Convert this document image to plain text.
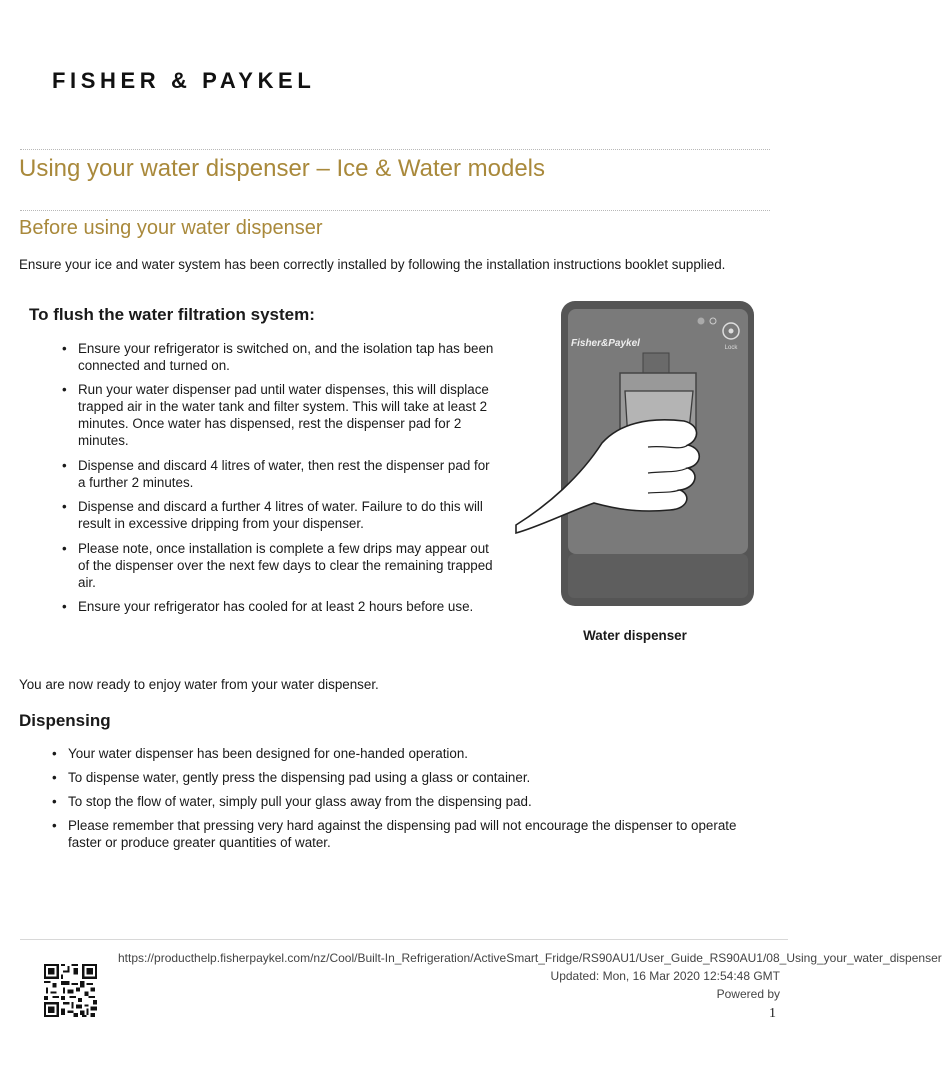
FISHER & PAYKEL
Using your water dispenser – Ice & Water models
Before using your water dispenser
Ensure your ice and water system has been correctly installed by following the installation instructions booklet supplied.
To flush the water filtration system:
• Ensure your refrigerator is switched on, and the isolation tap has been connected and turned on.
• Run your water dispenser pad until water dispenses, this will displace trapped air in the water tank and filter system. This will take at least 2 minutes. Once water has dispensed, rest the dispenser pad for 2 minutes.
• Dispense and discard 4 litres of water, then rest the dispenser pad for a further 2 minutes.
• Dispense and discard a further 4 litres of water. Failure to do this will result in excessive dripping from your dispenser.
• Please note, once installation is complete a few drips may appear out of the dispenser over the next few days to clear the remaining trapped air.
• Ensure your refrigerator has cooled for at least 2 hours before use.
Fisher&Paykel	Lock
Water dispenser
You are now ready to enjoy water from your water dispenser.
Dispensing
• Your water dispenser has been designed for one-handed operation.
• To dispense water, gently press the dispensing pad using a glass or container.
• To stop the flow of water, simply pull your glass away from the dispensing pad.
• Please remember that pressing very hard against the dispensing pad will not encourage the dispenser to operate faster or produce greater quantities of water.
https://producthelp.fisherpaykel.com/nz/Cool/Built-In_Refrigeration/ActiveSmart_Fridge/RS90AU1/User_Guide_RS90AU1/08_Using_your_water_dispenser
Updated: Mon, 16 Mar 2020 12:54:48 GMT
Powered by
1
